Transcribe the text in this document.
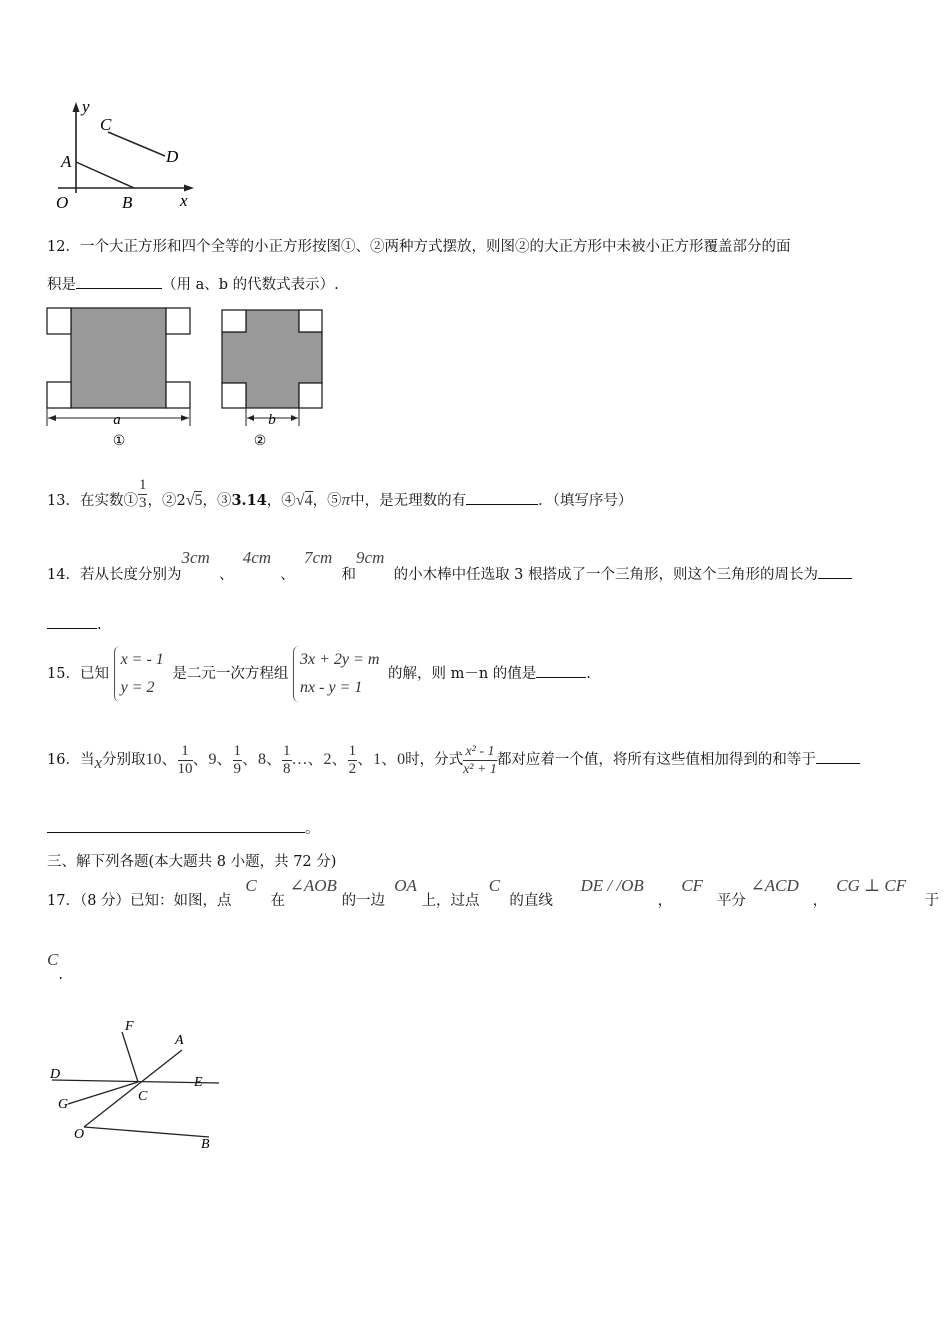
y
x
O
A
B
C
D
12．一个大正方形和四个全等的小正方形按图①、②两种方式摆放，则图②的大正方形中未被小正方形覆盖部分的面
积是	（用 a、b 的代数式表示）.
a
①
b
②
13．在实数① $\frac{1}{3}$ ，②2√5，③3.14，④√4，⑤π中，是无理数的有	．（填写序号）
14．若从长度分别为3cm  、  4cm  、  7cm  和9cm  的小木棒中任选取 3 根搭成了一个三角形，则这个三角形的周长为
.
15．已知
x = - 1
y = 2
是二元一次方程组
3x + 2y = m
nx - y = 1
的解，则 m－n 的值是	.
16．当x分别取10、 $\frac{1}{10}$ 、9、 $\frac{1}{9}$ 、8、 $\frac{1}{8}$ …、2、 $\frac{1}{2}$ 、1、0时，分式 $\frac{\text{x² - 1}}{\text{x² + 1}}$ 都对应着一个值，将所有这些值相加得到的和等于
。
三、解下列各题(本大题共 8 小题，共 72 分)
17．（8 分）已知：如图，点   C   在 ∠AOB 的一边  OA 上，过点  C  的直线      DE / /OB   ，  CF   平分 ∠ACD   ，  CG ⊥ CF    于
C.
F
A
D
E
G
C
O
B
